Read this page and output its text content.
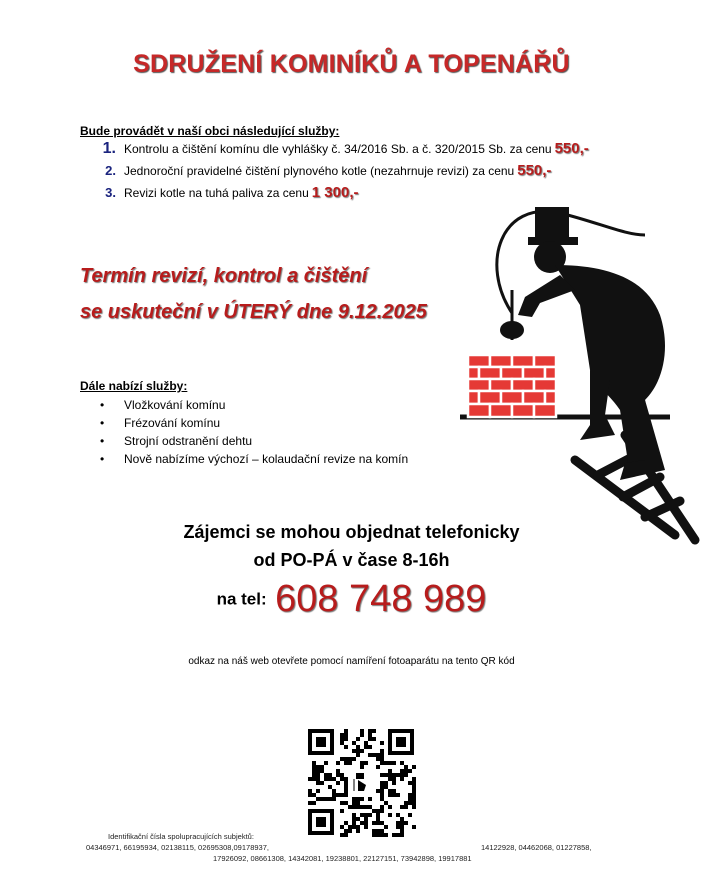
SDRUŽENÍ KOMINÍKŮ A TOPENÁŘŮ
Bude provádět v naší obci následující služby:
1. Kontrolu a čištění komínu dle vyhlášky č. 34/2016 Sb. a č. 320/2015 Sb. za cenu 550,-
2. Jednoroční pravidelné čištění plynového kotle (nezahrnuje revizi) za cenu 550,-
3. Revizi kotle na tuhá paliva za cenu 1 300,-
Termín revizí, kontrol a čištění
se uskuteční v ÚTERÝ dne 9.12.2025
Dále nabízí služby:
•	Vložkování komínu
•	Frézování komínu
•	Strojní odstranění dehtu
•	Nově nabízíme výchozí – kolaudační revize na komín
Zájemci se mohou objednat telefonicky
od PO-PÁ v čase 8-16h
na tel: 608 748 989
odkaz na náš web otevřete pomocí namíření fotoaparátu na tento QR kód
Identifikační čísla spolupracujících subjektů:
04346971, 66195934, 02138115, 02695308,09178937,	14122928, 04462068, 01227858,
17926092, 08661308, 14342081, 19238801, 22127151, 73942898, 19917881
